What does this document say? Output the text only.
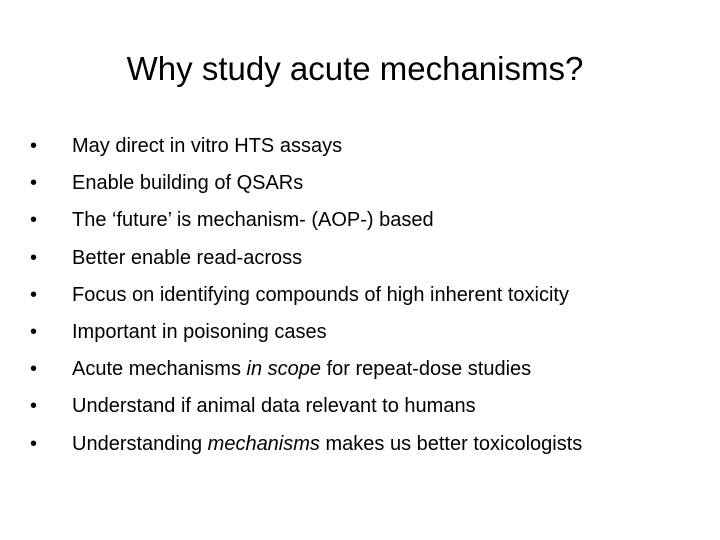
Why study acute mechanisms?
• May direct in vitro HTS assays
• Enable building of QSARs
• The ‘future’ is mechanism- (AOP-) based
• Better enable read-across
• Focus on identifying compounds of high inherent toxicity
• Important in poisoning cases
• Acute mechanisms in scope for repeat-dose studies
• Understand if animal data relevant to humans
• Understanding mechanisms makes us better toxicologists
